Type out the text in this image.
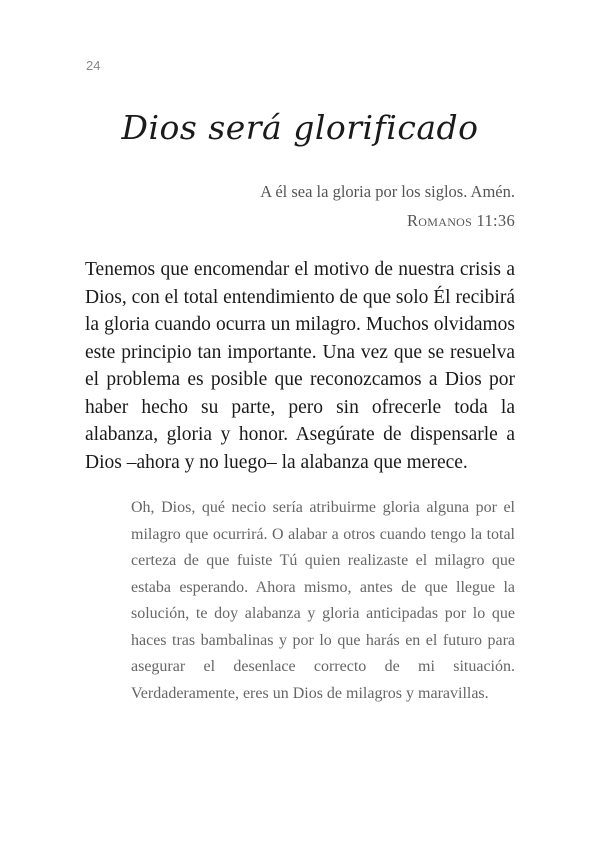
24
Dios será glorificado
A él sea la gloria por los siglos. Amén.
Romanos 11:36

Tenemos que encomendar el motivo de nuestra crisis a Dios, con el total entendimiento de que solo Él recibirá la gloria cuando ocurra un milagro. Muchos olvidamos este principio tan importante. Una vez que se resuelva el problema es posible que reconozcamos a Dios por haber hecho su parte, pero sin ofrecerle toda la alabanza, gloria y honor. Asegúrate de dispensarle a Dios –ahora y no luego– la alabanza que merece.

Oh, Dios, qué necio sería atribuirme gloria alguna por el milagro que ocurrirá. O alabar a otros cuando tengo la total certeza de que fuiste Tú quien realizaste el milagro que estaba esperando. Ahora mismo, antes de que llegue la solución, te doy alabanza y gloria anticipadas por lo que haces tras bambalinas y por lo que harás en el futuro para asegurar el desenlace correcto de mi situación. Verdaderamente, eres un Dios de milagros y maravillas.
